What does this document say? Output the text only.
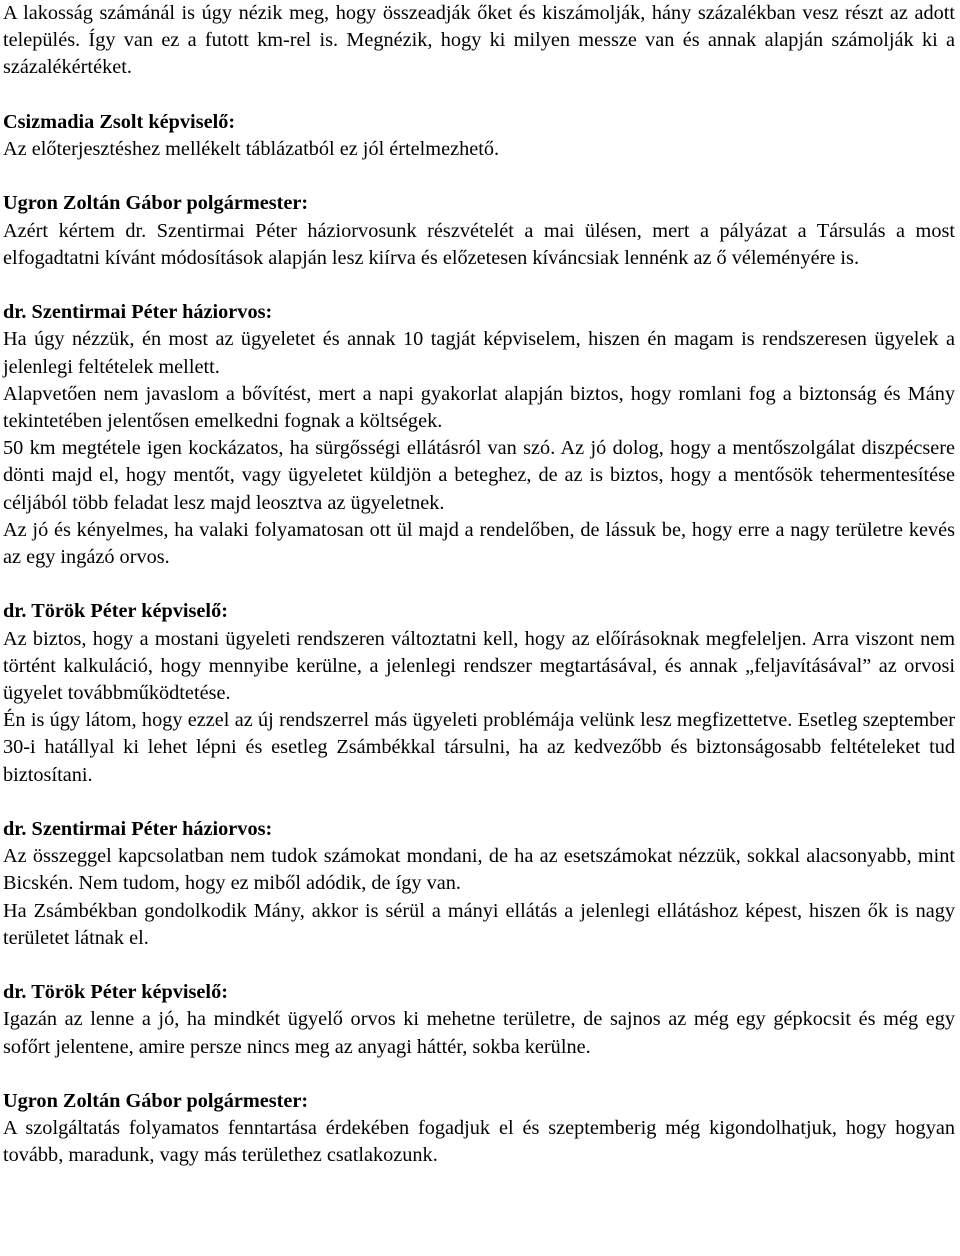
A lakosság számánál is úgy nézik meg, hogy összeadják őket és kiszámolják, hány százalékban vesz részt az adott település. Így van ez a futott km-rel is. Megnézik, hogy ki milyen messze van és annak alapján számolják ki a százalékértéket.

Csizmadia Zsolt képviselő:

Az előterjesztéshez mellékelt táblázatból ez jól értelmezhető.

Ugron Zoltán Gábor polgármester:

Azért kértem dr. Szentirmai Péter háziorvosunk részvételét a mai ülésen, mert a pályázat a Társulás a most elfogadtatni kívánt módosítások alapján lesz kiírva és előzetesen kíváncsiak lennénk az ő véleményére is.

dr. Szentirmai Péter háziorvos:

Ha úgy nézzük, én most az ügyeletet és annak 10 tagját képviselem, hiszen én magam is rendszeresen ügyelek a jelenlegi feltételek mellett.

Alapvetően nem javaslom a bővítést, mert a napi gyakorlat alapján biztos, hogy romlani fog a biztonság és Mány tekintetében jelentősen emelkedni fognak a költségek.

50 km megtétele igen kockázatos, ha sürgősségi ellátásról van szó. Az jó dolog, hogy a mentőszolgálat diszpécsere dönti majd el, hogy mentőt, vagy ügyeletet küldjön a beteghez, de az is biztos, hogy a mentősök tehermentesítése céljából több feladat lesz majd leosztva az ügyeletnek.

Az jó és kényelmes, ha valaki folyamatosan ott ül majd a rendelőben, de lássuk be, hogy erre a nagy területre kevés az egy ingázó orvos.

dr. Török Péter képviselő:

Az biztos, hogy a mostani ügyeleti rendszeren változtatni kell, hogy az előírásoknak megfeleljen. Arra viszont nem történt kalkuláció, hogy mennyibe kerülne, a jelenlegi rendszer megtartásával, és annak „feljavításával” az orvosi ügyelet továbbműködtetése.

Én is úgy látom, hogy ezzel az új rendszerrel más ügyeleti problémája velünk lesz megfizettetve. Esetleg szeptember 30-i hatállyal ki lehet lépni és esetleg Zsámbékkal társulni, ha az kedvezőbb és biztonságosabb feltételeket tud biztosítani.

dr. Szentirmai Péter háziorvos:

Az összeggel kapcsolatban nem tudok számokat mondani, de ha az esetszámokat nézzük, sokkal alacsonyabb, mint Bicskén. Nem tudom, hogy ez miből adódik, de így van.

Ha Zsámbékban gondolkodik Mány, akkor is sérül a mányi ellátás a jelenlegi ellátáshoz képest, hiszen ők is nagy területet látnak el.

dr. Török Péter képviselő:

Igazán az lenne a jó, ha mindkét ügyelő orvos ki mehetne területre, de sajnos az még egy gépkocsit és még egy sofőrt jelentene, amire persze nincs meg az anyagi háttér, sokba kerülne.

Ugron Zoltán Gábor polgármester:

A szolgáltatás folyamatos fenntartása érdekében fogadjuk el és szeptemberig még kigondolhatjuk, hogy hogyan tovább, maradunk, vagy más területhez csatlakozunk.
